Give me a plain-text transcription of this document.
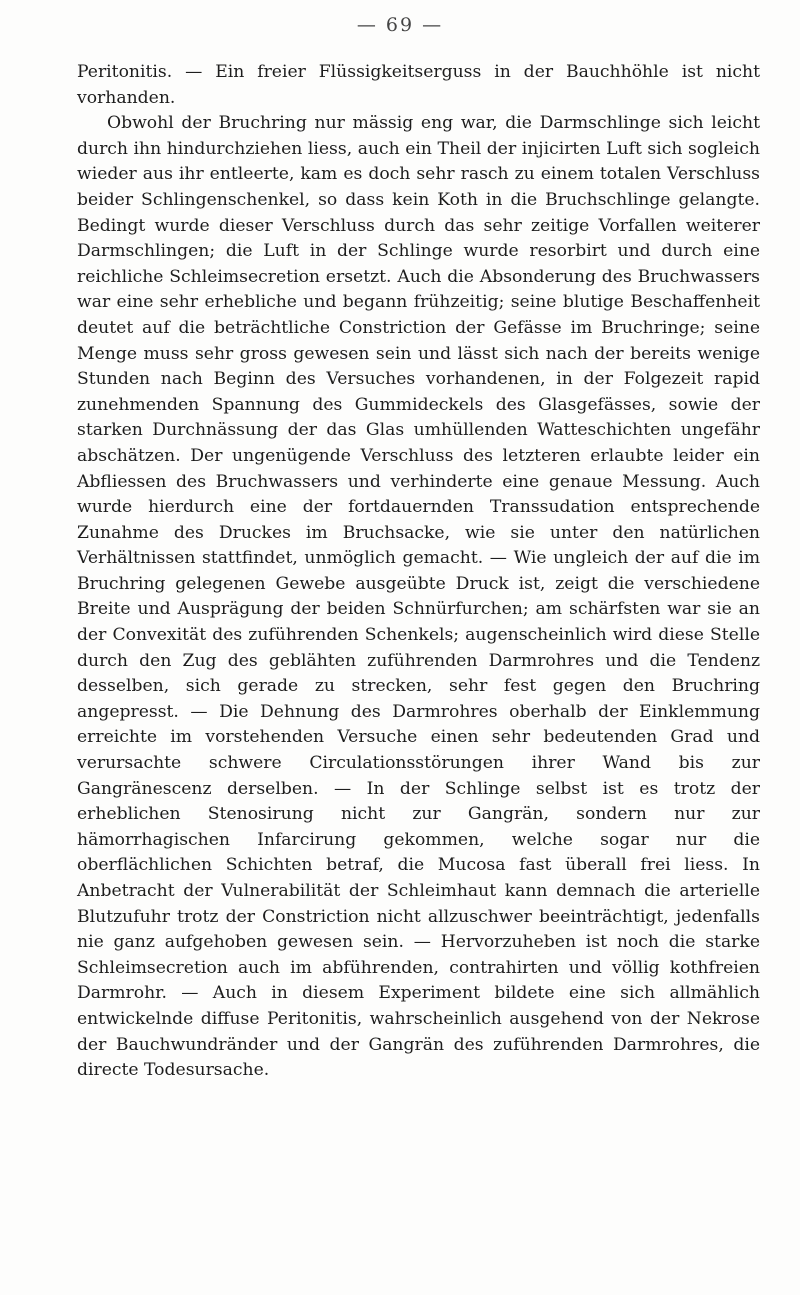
— 69 —

Peritonitis. — Ein freier Flüssigkeitserguss in der Bauchhöhle ist nicht vorhanden.

Obwohl der Bruchring nur mässig eng war, die Darmschlinge sich leicht durch ihn hindurchziehen liess, auch ein Theil der injicirten Luft sich sogleich wieder aus ihr entleerte, kam es doch sehr rasch zu einem totalen Verschluss beider Schlingenschenkel, so dass kein Koth in die Bruchschlinge gelangte. Bedingt wurde dieser Verschluss durch das sehr zeitige Vorfallen weiterer Darmschlingen; die Luft in der Schlinge wurde resorbirt und durch eine reichliche Schleimsecretion ersetzt. Auch die Absonderung des Bruchwassers war eine sehr erhebliche und begann frühzeitig; seine blutige Beschaffenheit deutet auf die beträchtliche Constriction der Gefässe im Bruchringe; seine Menge muss sehr gross gewesen sein und lässt sich nach der bereits wenige Stunden nach Beginn des Versuches vorhandenen, in der Folgezeit rapid zunehmenden Spannung des Gummideckels des Glasgefässes, sowie der starken Durchnässung der das Glas umhüllenden Watteschichten ungefähr abschätzen. Der ungenügende Verschluss des letzteren erlaubte leider ein Abfliessen des Bruchwassers und verhinderte eine genaue Messung. Auch wurde hierdurch eine der fortdauernden Transsudation entsprechende Zunahme des Druckes im Bruchsacke, wie sie unter den natürlichen Verhältnissen stattfindet, unmöglich gemacht. — Wie ungleich der auf die im Bruchring gelegenen Gewebe ausgeübte Druck ist, zeigt die verschiedene Breite und Ausprägung der beiden Schnürfurchen; am schärfsten war sie an der Convexität des zuführenden Schenkels; augenscheinlich wird diese Stelle durch den Zug des geblähten zuführenden Darmrohres und die Tendenz desselben, sich gerade zu strecken, sehr fest gegen den Bruchring angepresst. — Die Dehnung des Darmrohres oberhalb der Einklemmung erreichte im vorstehenden Versuche einen sehr bedeutenden Grad und verursachte schwere Circulationsstörungen ihrer Wand bis zur Gangränescenz derselben. — In der Schlinge selbst ist es trotz der erheblichen Stenosirung nicht zur Gangrän, sondern nur zur hämorrhagischen Infarcirung gekommen, welche sogar nur die oberflächlichen Schichten betraf, die Mucosa fast überall frei liess. In Anbetracht der Vulnerabilität der Schleimhaut kann demnach die arterielle Blutzufuhr trotz der Constriction nicht allzuschwer beeinträchtigt, jedenfalls nie ganz aufgehoben gewesen sein. — Hervorzuheben ist noch die starke Schleimsecretion auch im abführenden, contrahirten und völlig kothfreien Darmrohr. — Auch in diesem Experiment bildete eine sich allmählich entwickelnde diffuse Peritonitis, wahrscheinlich ausgehend von der Nekrose der Bauchwundränder und der Gangrän des zuführenden Darmrohres, die directe Todesursache.
